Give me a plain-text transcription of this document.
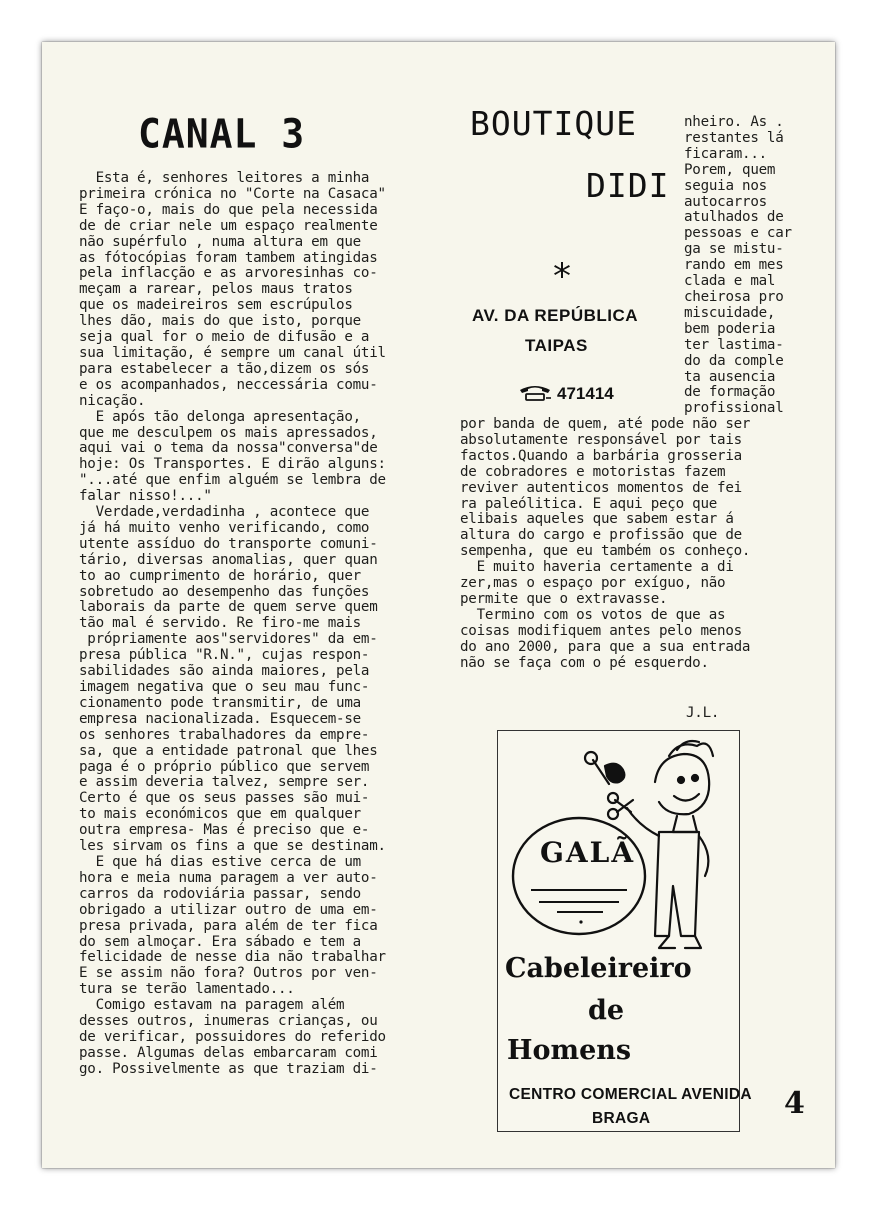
CANAL 3
Esta é, senhores leitores a minha
primeira crónica no "Corte na Casaca"
E faço-o, mais do que pela necessida
de de criar nele um espaço realmente
não supérfulo , numa altura em que
as fótocópias foram tambem atingidas
pela inflacção e as arvoresinhas co-
meçam a rarear, pelos maus tratos
que os madeireiros sem escrúpulos
lhes dão, mais do que isto, porque
seja qual for o meio de difusão e a
sua limitação, é sempre um canal útil
para estabelecer a tão,dizem os sós
e os acompanhados, neccessária comu-
nicação.
E após tão delonga apresentação,
que me desculpem os mais apressados,
aqui vai o tema da nossa"conversa"de
hoje: Os Transportes. E dirão alguns:
"...até que enfim alguém se lembra de
falar nisso!..."
Verdade,verdadinha , acontece que
já há muito venho verificando, como
utente assíduo do transporte comuni-
tário, diversas anomalias, quer quan
to ao cumprimento de horário, quer
sobretudo ao desempenho das funções
laborais da parte de quem serve quem
tão mal é servido. Re firo-me mais
própriamente aos"servidores" da em-
presa pública "R.N.", cujas respon-
sabilidades são ainda maiores, pela
imagem negativa que o seu mau func-
cionamento pode transmitir, de uma
empresa nacionalizada. Esquecem-se
os senhores trabalhadores da empre-
sa, que a entidade patronal que lhes
paga é o próprio público que servem
e assim deveria talvez, sempre ser.
Certo é que os seus passes são mui-
to mais económicos que em qualquer
outra empresa- Mas é preciso que e-
les sirvam os fins a que se destinam.
E que há dias estive cerca de um
hora e meia numa paragem a ver auto-
carros da rodoviária passar, sendo
obrigado a utilizar outro de uma em-
presa privada, para além de ter fica
do sem almoçar. Era sábado e tem a
felicidade de nesse dia não trabalhar
E se assim não fora? Outros por ven-
tura se terão lamentado...
Comigo estavam na paragem além
desses outros, inumeras crianças, ou
de verificar, possuidores do referido
passe. Algumas delas embarcaram comi
go. Possivelmente as que traziam di-
BOUTIQUE
DIDI
⁎
AV. DA REPÚBLICA
TAIPAS
471414
nheiro. As .
restantes lá
ficaram...
Porem, quem
seguia nos
autocarros
atulhados de
pessoas e car
ga se mistu-
rando em mes
clada e mal
cheirosa pro
miscuidade,
bem poderia
ter lastima-
do da comple
ta ausencia
de formação
profissional
por banda de quem, até pode não ser
absolutamente responsável por tais
factos.Quando a barbária grosseria
de cobradores e motoristas fazem
reviver autenticos momentos de fei
ra paleólitica. E aqui peço que
elibais aqueles que sabem estar á
altura do cargo e profissão que de
sempenha, que eu também os conheço.
E muito haveria certamente a di
zer,mas o espaço por exíguo, não
permite que o extravasse.
Termino com os votos de que as
coisas modifiquem antes pelo menos
do ano 2000, para que a sua entrada
não se faça com o pé esquerdo.
J.L.
GALÃ
Cabeleireiro
de
Homens
CENTRO COMERCIAL AVENIDA
BRAGA	4
